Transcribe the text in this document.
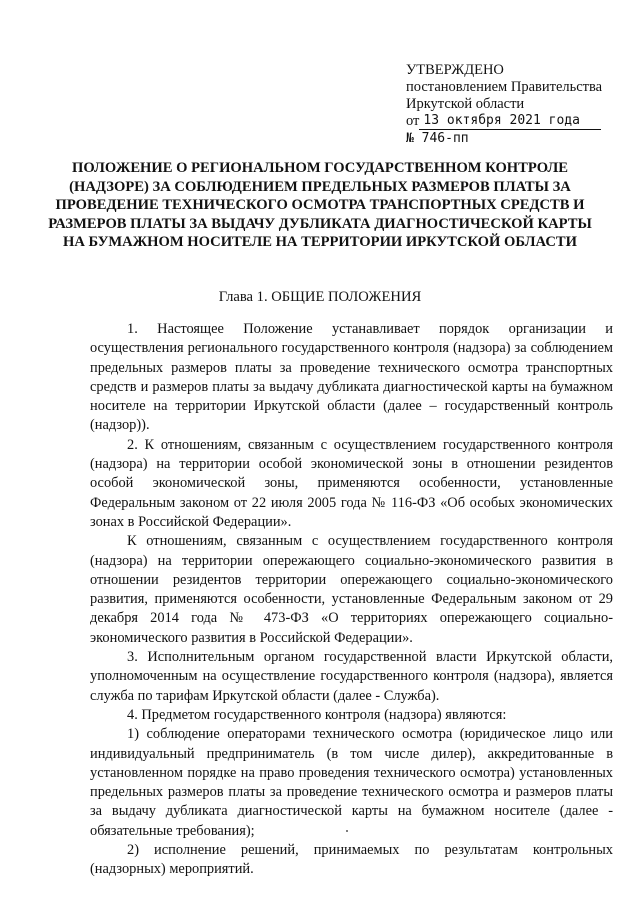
УТВЕРЖДЕНО
постановлением Правительства
Иркутской области
от 13 октября 2021 года
№ 746-пп
ПОЛОЖЕНИЕ О РЕГИОНАЛЬНОМ ГОСУДАРСТВЕННОМ КОНТРОЛЕ (НАДЗОРЕ) ЗА СОБЛЮДЕНИЕМ ПРЕДЕЛЬНЫХ РАЗМЕРОВ ПЛАТЫ ЗА ПРОВЕДЕНИЕ ТЕХНИЧЕСКОГО ОСМОТРА ТРАНСПОРТНЫХ СРЕДСТВ И РАЗМЕРОВ ПЛАТЫ ЗА ВЫДАЧУ ДУБЛИКАТА ДИАГНОСТИЧЕСКОЙ КАРТЫ НА БУМАЖНОМ НОСИТЕЛЕ НА ТЕРРИТОРИИ ИРКУТСКОЙ ОБЛАСТИ
Глава 1. ОБЩИЕ ПОЛОЖЕНИЯ

1. Настоящее Положение устанавливает порядок организации и осуществления регионального государственного контроля (надзора) за соблюдением предельных размеров платы за проведение технического осмотра транспортных средств и размеров платы за выдачу дубликата диагностической карты на бумажном носителе на территории Иркутской области (далее – государственный контроль (надзор)).

2. К отношениям, связанным с осуществлением государственного контроля (надзора) на территории особой экономической зоны в отношении резидентов особой экономической зоны, применяются особенности, установленные Федеральным законом от 22 июля 2005 года № 116-ФЗ «Об особых экономических зонах в Российской Федерации».

К отношениям, связанным с осуществлением государственного контроля (надзора) на территории опережающего социально-экономического развития в отношении резидентов территории опережающего социально-экономического развития, применяются особенности, установленные Федеральным законом от 29 декабря 2014 года № 473-ФЗ «О территориях опережающего социально-экономического развития в Российской Федерации».

3. Исполнительным органом государственной власти Иркутской области, уполномоченным на осуществление государственного контроля (надзора), является служба по тарифам Иркутской области (далее - Служба).

4. Предметом государственного контроля (надзора) являются:

1) соблюдение операторами технического осмотра (юридическое лицо или индивидуальный предприниматель (в том числе дилер), аккредитованные в установленном порядке на право проведения технического осмотра) установленных предельных размеров платы за проведение технического осмотра и размеров платы за выдачу дубликата диагностической карты на бумажном носителе (далее - обязательные требования);

2) исполнение решений, принимаемых по результатам контрольных (надзорных) мероприятий.
